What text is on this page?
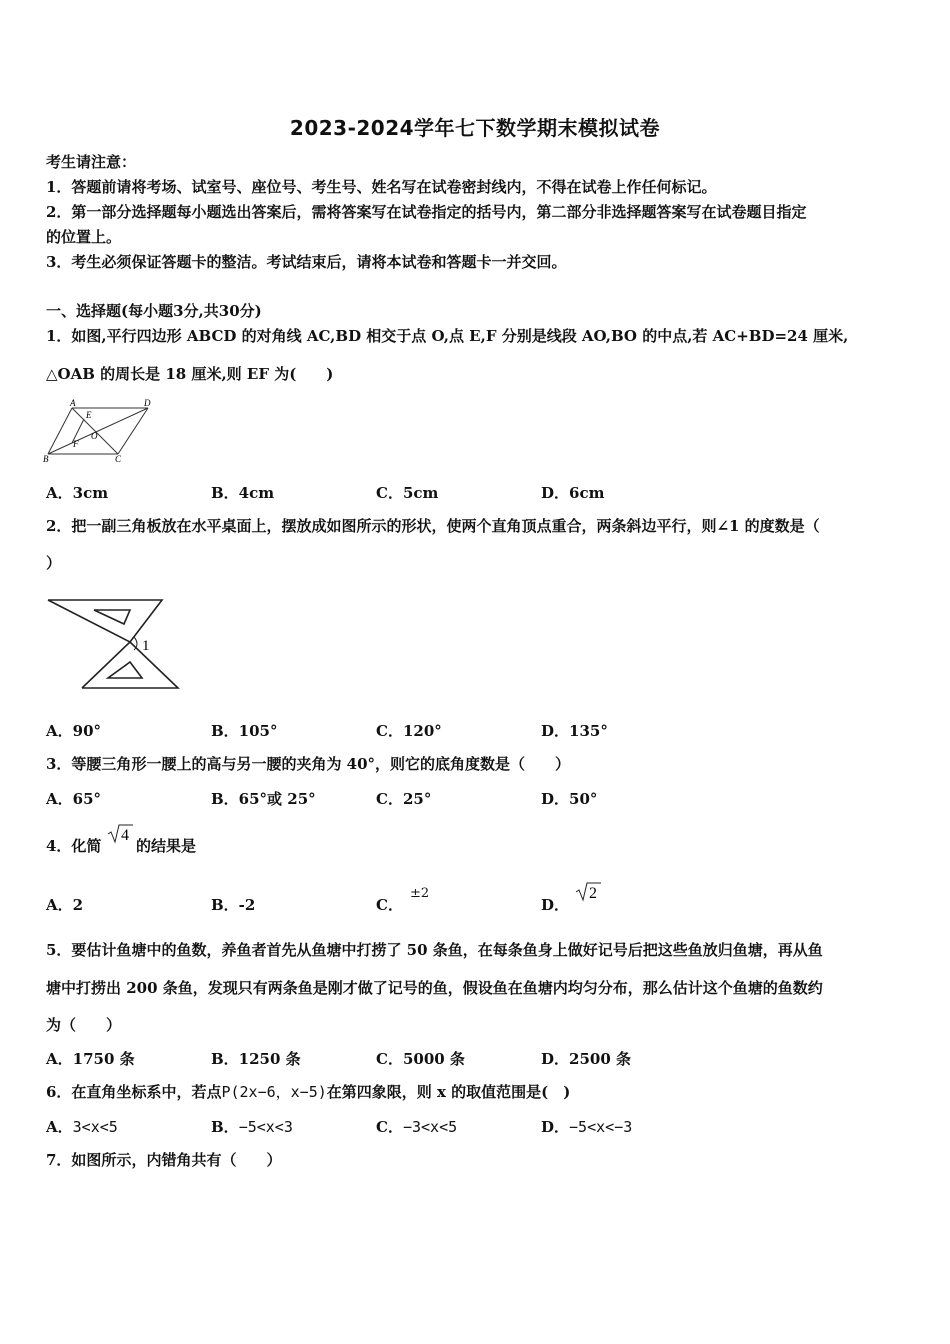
2023-2024学年七下数学期末模拟试卷
考生请注意：
1．答题前请将考场、试室号、座位号、考生号、姓名写在试卷密封线内，不得在试卷上作任何标记。
2．第一部分选择题每小题选出答案后，需将答案写在试卷指定的括号内，第二部分非选择题答案写在试卷题目指定
的位置上。
3．考生必须保证答题卡的整洁。考试结束后，请将本试卷和答题卡一并交回。
一、选择题(每小题3分,共30分)
1．如图,平行四边形 ABCD 的对角线 AC,BD 相交于点 O,点 E,F 分别是线段 AO,BO 的中点,若 AC+BD=24 厘米,
△OAB 的周长是 18 厘米,则 EF 为(　　)
A	D
E
O
F
B	C
A．3cm	B．4cm	C．5cm	D．6cm
2．把一副三角板放在水平桌面上，摆放成如图所示的形状，使两个直角顶点重合，两条斜边平行，则∠1 的度数是（
）
1
A．90°	B．105°	C．120°	D．135°
3．等腰三角形一腰上的高与另一腰的夹角为 40°，则它的底角度数是（　　）
A．65°	B．65°或 25°	C．25°	D．50°
4．化简
4
的结果是
A．2	B．-2	C．
±2
D．
2
5．要估计鱼塘中的鱼数，养鱼者首先从鱼塘中打捞了 50 条鱼，在每条鱼身上做好记号后把这些鱼放归鱼塘，再从鱼
塘中打捞出 200 条鱼，发现只有两条鱼是刚才做了记号的鱼，假设鱼在鱼塘内均匀分布，那么估计这个鱼塘的鱼数约
为（　　）
A．1750 条	B．1250 条	C．5000 条	D．2500 条
6．在直角坐标系中，若点P(2x−6，x−5)在第四象限，则 x 的取值范围是(　)
A．3<x<5	B．−5<x<3	C．−3<x<5	D．−5<x<−3
7．如图所示，内错角共有（　　）
